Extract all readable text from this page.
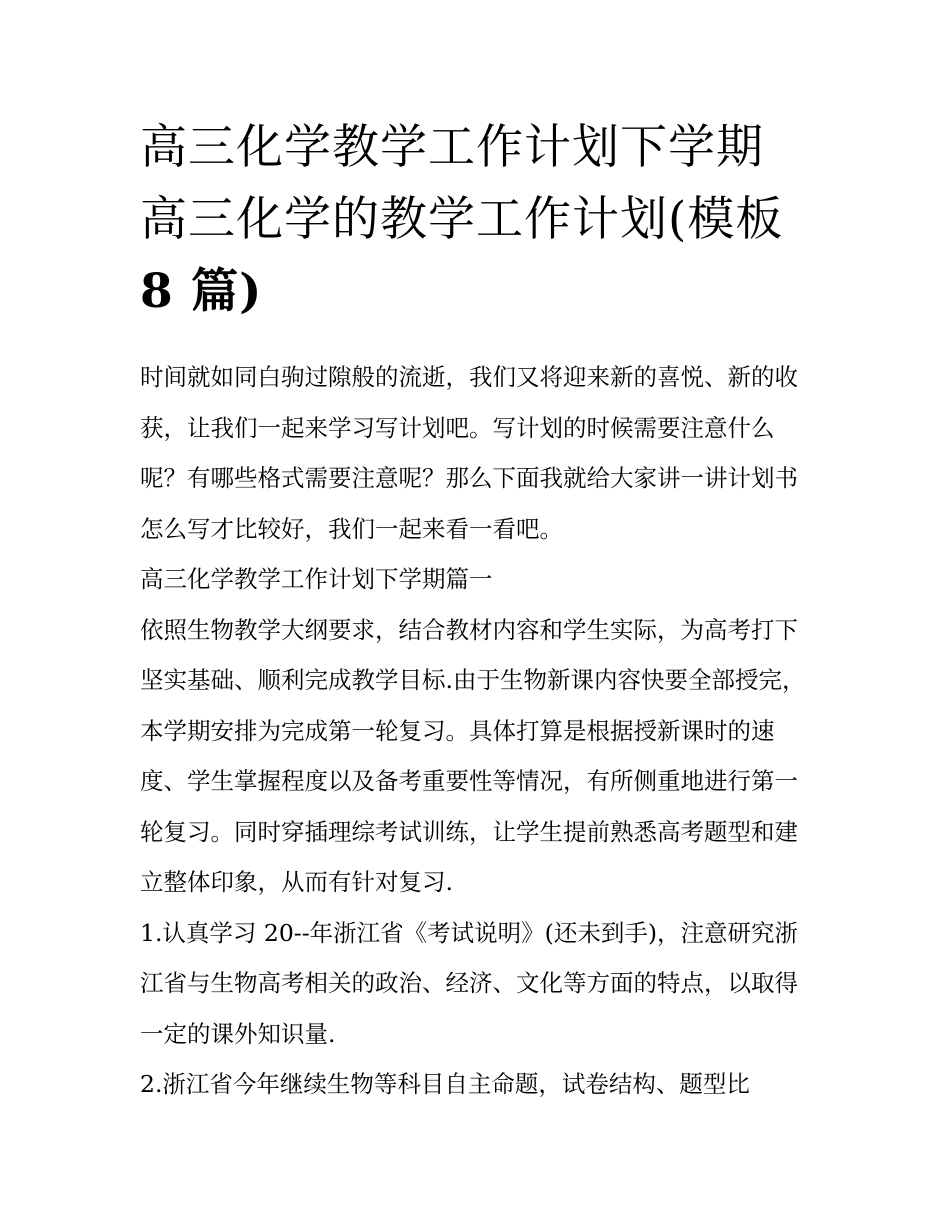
高三化学教学工作计划下学期
高三化学的教学工作计划(模板
8 篇)

时间就如同白驹过隙般的流逝，我们又将迎来新的喜悦、新的收获，让我们一起来学习写计划吧。写计划的时候需要注意什么呢？有哪些格式需要注意呢？那么下面我就给大家讲一讲计划书怎么写才比较好，我们一起来看一看吧。

高三化学教学工作计划下学期篇一

依照生物教学大纲要求，结合教材内容和学生实际，为高考打下坚实基础、顺利完成教学目标.由于生物新课内容快要全部授完，本学期安排为完成第一轮复习。具体打算是根据授新课时的速度、学生掌握程度以及备考重要性等情况，有所侧重地进行第一轮复习。同时穿插理综考试训练，让学生提前熟悉高考题型和建立整体印象，从而有针对复习.

1.认真学习 20--年浙江省《考试说明》(还未到手)，注意研究浙江省与生物高考相关的政治、经济、文化等方面的特点，以取得一定的课外知识量.

2.浙江省今年继续生物等科目自主命题，试卷结构、题型比
